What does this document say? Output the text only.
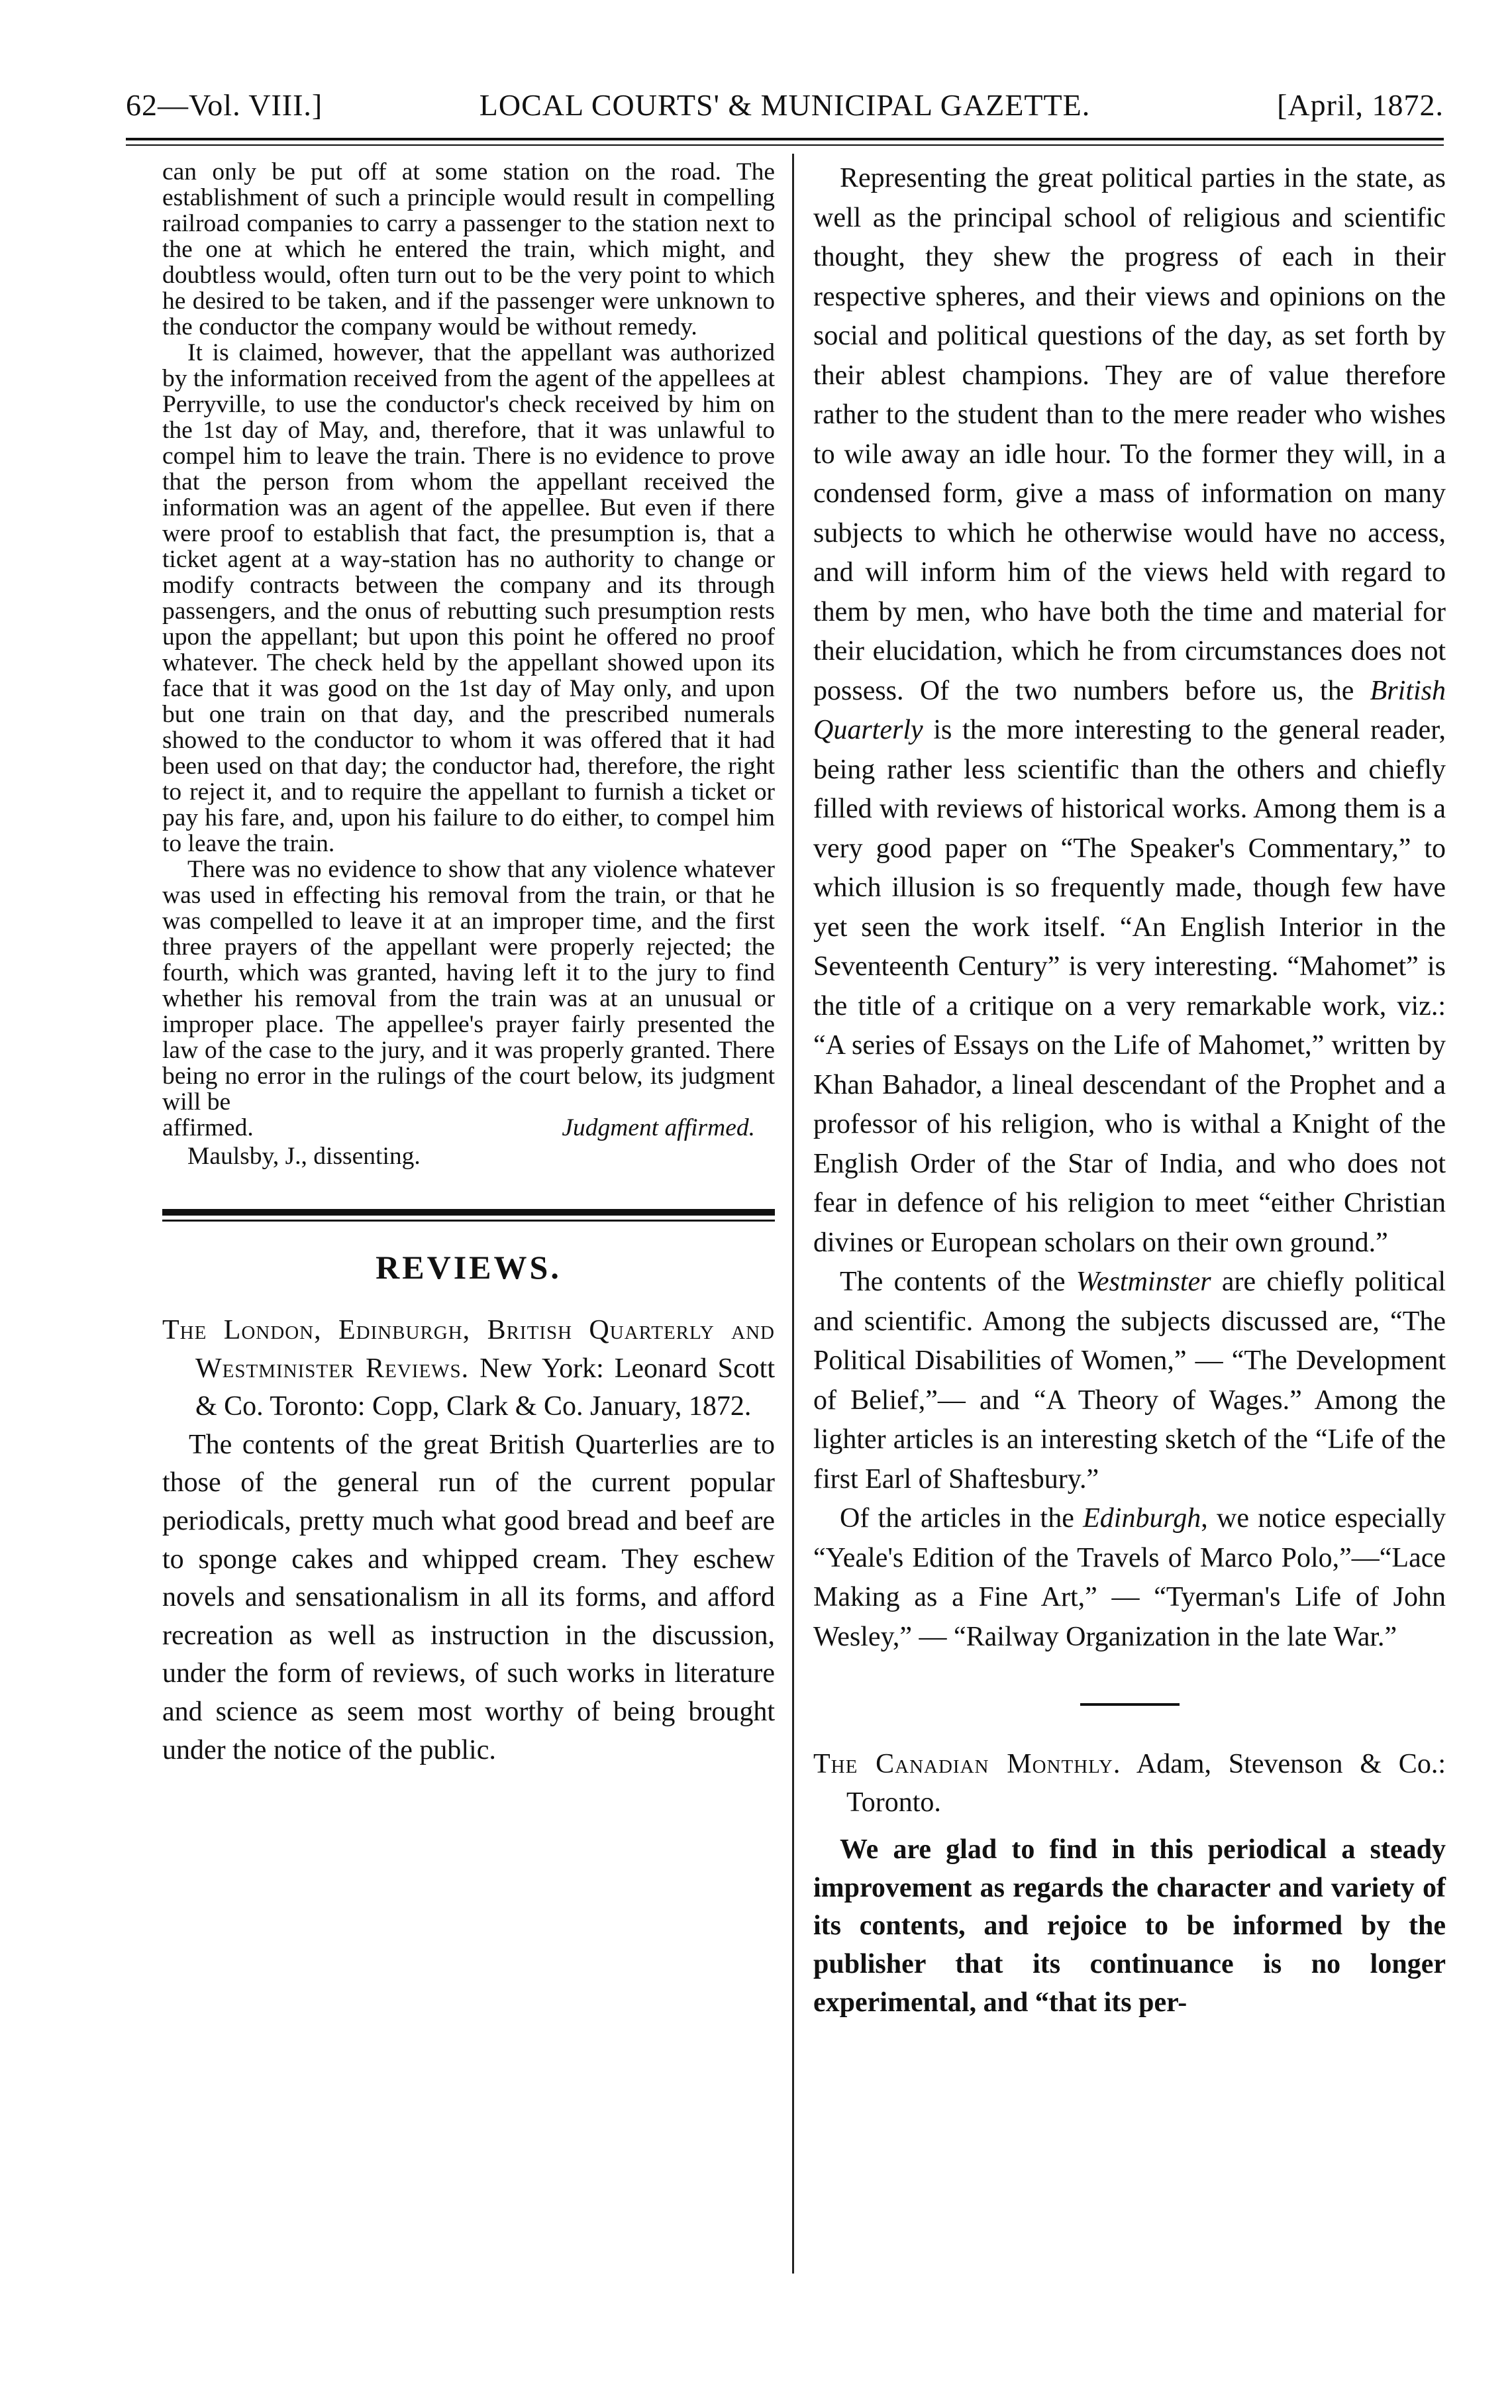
62—Vol. VIII.]	LOCAL COURTS' & MUNICIPAL GAZETTE.	[April, 1872.

can only be put off at some station on the road. The establishment of such a principle would result in compelling railroad companies to carry a passenger to the station next to the one at which he entered the train, which might, and doubtless would, often turn out to be the very point to which he desired to be taken, and if the passenger were unknown to the conductor the company would be without remedy.

It is claimed, however, that the appellant was authorized by the information received from the agent of the appellees at Perryville, to use the conductor's check received by him on the 1st day of May, and, therefore, that it was unlawful to compel him to leave the train. There is no evidence to prove that the person from whom the appellant received the information was an agent of the appellee. But even if there were proof to establish that fact, the presumption is, that a ticket agent at a way-station has no authority to change or modify contracts between the company and its through passengers, and the onus of rebutting such presumption rests upon the appellant; but upon this point he offered no proof whatever. The check held by the appellant showed upon its face that it was good on the 1st day of May only, and upon but one train on that day, and the prescribed numerals showed to the conductor to whom it was offered that it had been used on that day; the conductor had, therefore, the right to reject it, and to require the appellant to furnish a ticket or pay his fare, and, upon his failure to do either, to compel him to leave the train.

There was no evidence to show that any violence whatever was used in effecting his removal from the train, or that he was compelled to leave it at an improper time, and the first three prayers of the appellant were properly rejected; the fourth, which was granted, having left it to the jury to find whether his removal from the train was at an unusual or improper place. The appellee's prayer fairly presented the law of the case to the jury, and it was properly granted. There being no error in the rulings of the court below, its judgment will be

affirmed.	Judgment affirmed.

Maulsby, J., dissenting.
REVIEWS.

The London, Edinburgh, British Quarterly and Westminister Reviews. New York: Leonard Scott & Co. Toronto: Copp, Clark & Co. January, 1872.

The contents of the great British Quarterlies are to those of the general run of the current popular periodicals, pretty much what good bread and beef are to sponge cakes and whipped cream. They eschew novels and sensationalism in all its forms, and afford recreation as well as instruction in the discussion, under the form of reviews, of such works in literature and science as seem most worthy of being brought under the notice of the public.

Representing the great political parties in the state, as well as the principal school of religious and scientific thought, they shew the progress of each in their respective spheres, and their views and opinions on the social and political questions of the day, as set forth by their ablest champions. They are of value therefore rather to the student than to the mere reader who wishes to wile away an idle hour. To the former they will, in a condensed form, give a mass of information on many subjects to which he otherwise would have no access, and will inform him of the views held with regard to them by men, who have both the time and material for their elucidation, which he from circumstances does not possess. Of the two numbers before us, the British Quarterly is the more interesting to the general reader, being rather less scientific than the others and chiefly filled with reviews of historical works. Among them is a very good paper on “The Speaker's Commentary,” to which illusion is so frequently made, though few have yet seen the work itself. “An English Interior in the Seventeenth Century” is very interesting. “Mahomet” is the title of a critique on a very remarkable work, viz.: “A series of Essays on the Life of Mahomet,” written by Khan Bahador, a lineal descendant of the Prophet and a professor of his religion, who is withal a Knight of the English Order of the Star of India, and who does not fear in defence of his religion to meet “either Christian divines or European scholars on their own ground.”

The contents of the Westminster are chiefly political and scientific. Among the subjects discussed are, “The Political Disabilities of Women,” — “The Development of Belief,”— and “A Theory of Wages.” Among the lighter articles is an interesting sketch of the “Life of the first Earl of Shaftesbury.”

Of the articles in the Edinburgh, we notice especially “Yeale's Edition of the Travels of Marco Polo,”—“Lace Making as a Fine Art,” — “Tyerman's Life of John Wesley,” — “Railway Organization in the late War.”

The Canadian Monthly. Adam, Stevenson & Co.: Toronto.

We are glad to find in this periodical a steady improvement as regards the character and variety of its contents, and rejoice to be informed by the publisher that its continuance is no longer experimental, and “that its per-
